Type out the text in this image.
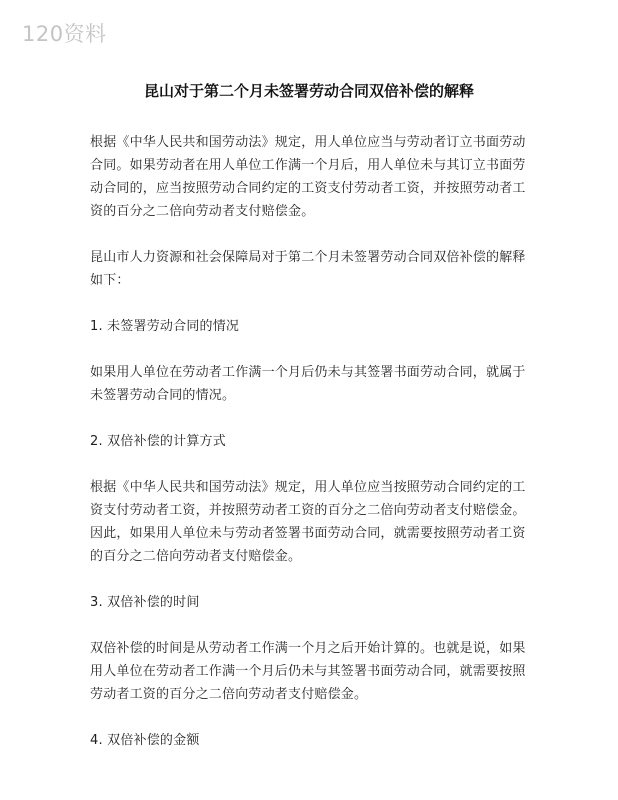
120资料
昆山对于第二个月未签署劳动合同双倍补偿的解释

根据《中华人民共和国劳动法》规定，用人单位应当与劳动者订立书面劳动合同。如果劳动者在用人单位工作满一个月后，用人单位未与其订立书面劳动合同的，应当按照劳动合同约定的工资支付劳动者工资，并按照劳动者工资的百分之二倍向劳动者支付赔偿金。

昆山市人力资源和社会保障局对于第二个月未签署劳动合同双倍补偿的解释如下：

1. 未签署劳动合同的情况

如果用人单位在劳动者工作满一个月后仍未与其签署书面劳动合同，就属于未签署劳动合同的情况。

2. 双倍补偿的计算方式

根据《中华人民共和国劳动法》规定，用人单位应当按照劳动合同约定的工资支付劳动者工资，并按照劳动者工资的百分之二倍向劳动者支付赔偿金。因此，如果用人单位未与劳动者签署书面劳动合同，就需要按照劳动者工资的百分之二倍向劳动者支付赔偿金。

3. 双倍补偿的时间

双倍补偿的时间是从劳动者工作满一个月之后开始计算的。也就是说，如果用人单位在劳动者工作满一个月后仍未与其签署书面劳动合同，就需要按照劳动者工资的百分之二倍向劳动者支付赔偿金。

4. 双倍补偿的金额
